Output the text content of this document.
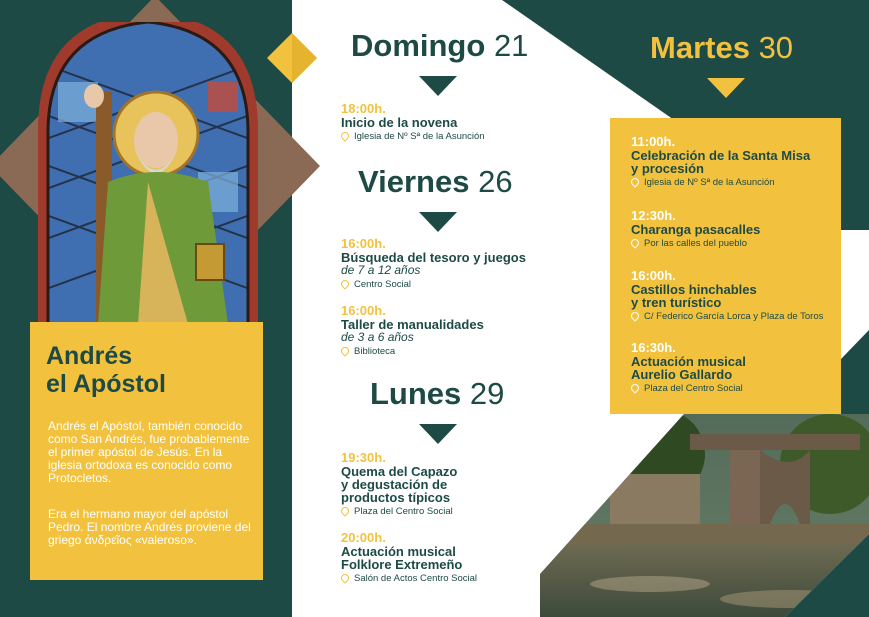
Andrés
el Apóstol
Andrés el Apóstol, también conocido como San Andrés, fue probablemente el primer apóstol de Jesús. En la iglesia ortodoxa es conocido como Protocletos.
Era el hermano mayor del apóstol Pedro. El nombre Andrés proviene del griego ἀνδρεῖος «valeroso».
Domingo 21
18:00h.
Inicio de la novena
Iglesia de Nº Sª de la Asunción
Viernes 26
16:00h.
Búsqueda del tesoro y juegos
de 7 a 12 años
Centro Social
16:00h.
Taller de manualidades
de 3 a 6 años
Biblioteca
Lunes 29
19:30h.
Quema del Capazo
y degustación de
productos típicos
Plaza del Centro Social
20:00h.
Actuación musical
Folklore Extremeño
Salón de Actos Centro Social
Martes 30
11:00h.
Celebración de la Santa Misa
y procesión
Iglesia de Nº Sª de la Asunción
12:30h.
Charanga pasacalles
Por las calles del pueblo
16:00h.
Castillos hinchables
y tren turístico
C/ Federico García Lorca y Plaza de Toros
16:30h.
Actuación musical
Aurelio Gallardo
Plaza del Centro Social
